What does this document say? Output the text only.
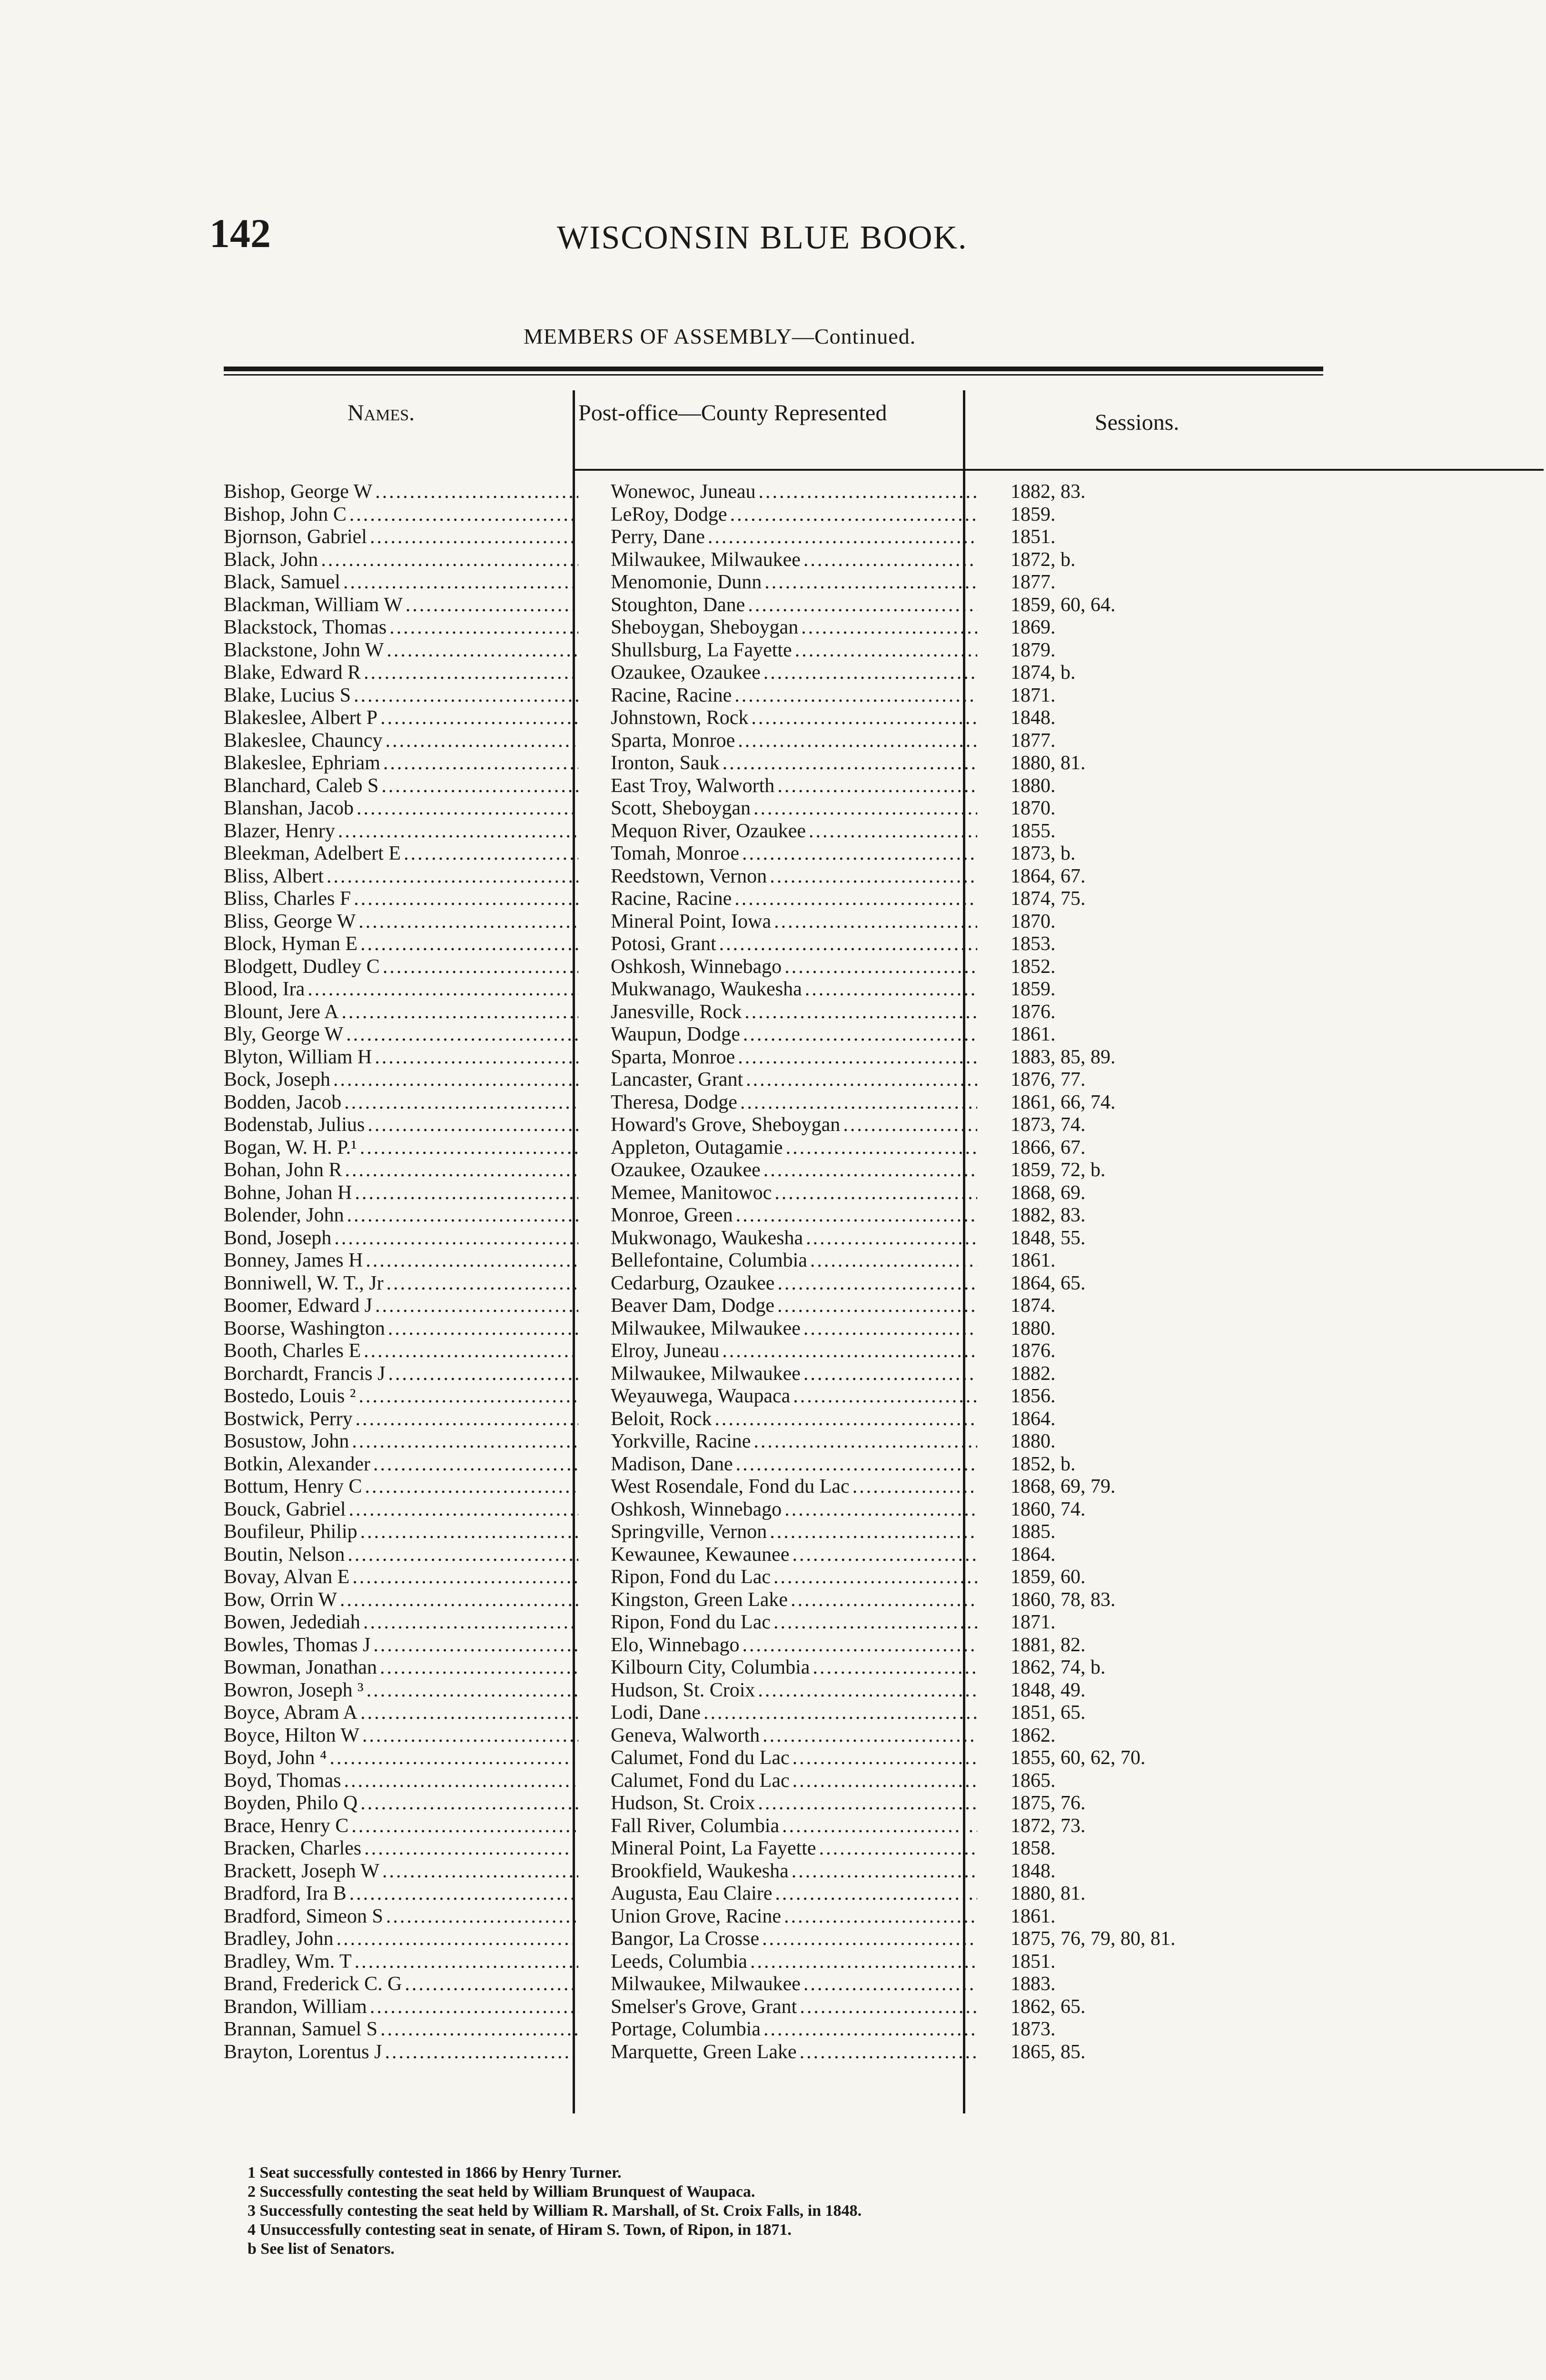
142	WISCONSIN BLUE BOOK.
MEMBERS OF ASSEMBLY—Continued.
Names.	Post-office—County Represented	Sessions.
Bishop, George W .....	Wonewoc, Juneau .....	1882, 83.
Bishop, John C .....	LeRoy, Dodge .....	1859.
Bjornson, Gabriel .....	Perry, Dane .....	1851.
Black, John .....	Milwaukee, Milwaukee .....	1872, b.
Black, Samuel .....	Menomonie, Dunn .....	1877.
Blackman, William W .....	Stoughton, Dane .....	1859, 60, 64.
Blackstock, Thomas .....	Sheboygan, Sheboygan .....	1869.
Blackstone, John W .....	Shullsburg, La Fayette .....	1879.
Blake, Edward R .....	Ozaukee, Ozaukee .....	1874, b.
Blake, Lucius S .....	Racine, Racine .....	1871.
Blakeslee, Albert P .....	Johnstown, Rock .....	1848.
Blakeslee, Chauncy .....	Sparta, Monroe .....	1877.
Blakeslee, Ephriam .....	Ironton, Sauk .....	1880, 81.
Blanchard, Caleb S .....	East Troy, Walworth .....	1880.
Blanshan, Jacob .....	Scott, Sheboygan .....	1870.
Blazer, Henry .....	Mequon River, Ozaukee .....	1855.
Bleekman, Adelbert E .....	Tomah, Monroe .....	1873, b.
Bliss, Albert .....	Reedstown, Vernon .....	1864, 67.
Bliss, Charles F .....	Racine, Racine .....	1874, 75.
Bliss, George W .....	Mineral Point, Iowa .....	1870.
Block, Hyman E .....	Potosi, Grant .....	1853.
Blodgett, Dudley C .....	Oshkosh, Winnebago .....	1852.
Blood, Ira .....	Mukwanago, Waukesha .....	1859.
Blount, Jere A .....	Janesville, Rock .....	1876.
Bly, George W .....	Waupun, Dodge .....	1861.
Blyton, William H .....	Sparta, Monroe .....	1883, 85, 89.
Bock, Joseph .....	Lancaster, Grant .....	1876, 77.
Bodden, Jacob .....	Theresa, Dodge .....	1861, 66, 74.
Bodenstab, Julius .....	Howard's Grove, Sheboygan .....	1873, 74.
Bogan, W. H. P.¹ .....	Appleton, Outagamie .....	1866, 67.
Bohan, John R .....	Ozaukee, Ozaukee .....	1859, 72, b.
Bohne, Johan H .....	Memee, Manitowoc .....	1868, 69.
Bolender, John .....	Monroe, Green .....	1882, 83.
Bond, Joseph .....	Mukwonago, Waukesha .....	1848, 55.
Bonney, James H .....	Bellefontaine, Columbia .....	1861.
Bonniwell, W. T., Jr .....	Cedarburg, Ozaukee .....	1864, 65.
Boomer, Edward J .....	Beaver Dam, Dodge .....	1874.
Boorse, Washington .....	Milwaukee, Milwaukee .....	1880.
Booth, Charles E .....	Elroy, Juneau .....	1876.
Borchardt, Francis J .....	Milwaukee, Milwaukee .....	1882.
Bostedo, Louis ² .....	Weyauwega, Waupaca .....	1856.
Bostwick, Perry .....	Beloit, Rock .....	1864.
Bosustow, John .....	Yorkville, Racine .....	1880.
Botkin, Alexander .....	Madison, Dane .....	1852, b.
Bottum, Henry C .....	West Rosendale, Fond du Lac .....	1868, 69, 79.
Bouck, Gabriel .....	Oshkosh, Winnebago .....	1860, 74.
Boufileur, Philip .....	Springville, Vernon .....	1885.
Boutin, Nelson .....	Kewaunee, Kewaunee .....	1864.
Bovay, Alvan E .....	Ripon, Fond du Lac .....	1859, 60.
Bow, Orrin W .....	Kingston, Green Lake .....	1860, 78, 83.
Bowen, Jedediah .....	Ripon, Fond du Lac .....	1871.
Bowles, Thomas J .....	Elo, Winnebago .....	1881, 82.
Bowman, Jonathan .....	Kilbourn City, Columbia .....	1862, 74, b.
Bowron, Joseph ³ .....	Hudson, St. Croix .....	1848, 49.
Boyce, Abram A .....	Lodi, Dane .....	1851, 65.
Boyce, Hilton W .....	Geneva, Walworth .....	1862.
Boyd, John ⁴ .....	Calumet, Fond du Lac .....	1855, 60, 62, 70.
Boyd, Thomas .....	Calumet, Fond du Lac .....	1865.
Boyden, Philo Q .....	Hudson, St. Croix .....	1875, 76.
Brace, Henry C .....	Fall River, Columbia .....	1872, 73.
Bracken, Charles .....	Mineral Point, La Fayette .....	1858.
Brackett, Joseph W .....	Brookfield, Waukesha .....	1848.
Bradford, Ira B .....	Augusta, Eau Claire .....	1880, 81.
Bradford, Simeon S .....	Union Grove, Racine .....	1861.
Bradley, John .....	Bangor, La Crosse .....	1875, 76, 79, 80, 81.
Bradley, Wm. T .....	Leeds, Columbia .....	1851.
Brand, Frederick C. G .....	Milwaukee, Milwaukee .....	1883.
Brandon, William .....	Smelser's Grove, Grant .....	1862, 65.
Brannan, Samuel S .....	Portage, Columbia .....	1873.
Brayton, Lorentus J .....	Marquette, Green Lake .....	1865, 85.
1 Seat successfully contested in 1866 by Henry Turner.
2 Successfully contesting the seat held by William Brunquest of Waupaca.
3 Successfully contesting the seat held by William R. Marshall, of St. Croix Falls, in 1848.
4 Unsuccessfully contesting seat in senate, of Hiram S. Town, of Ripon, in 1871.
b See list of Senators.
